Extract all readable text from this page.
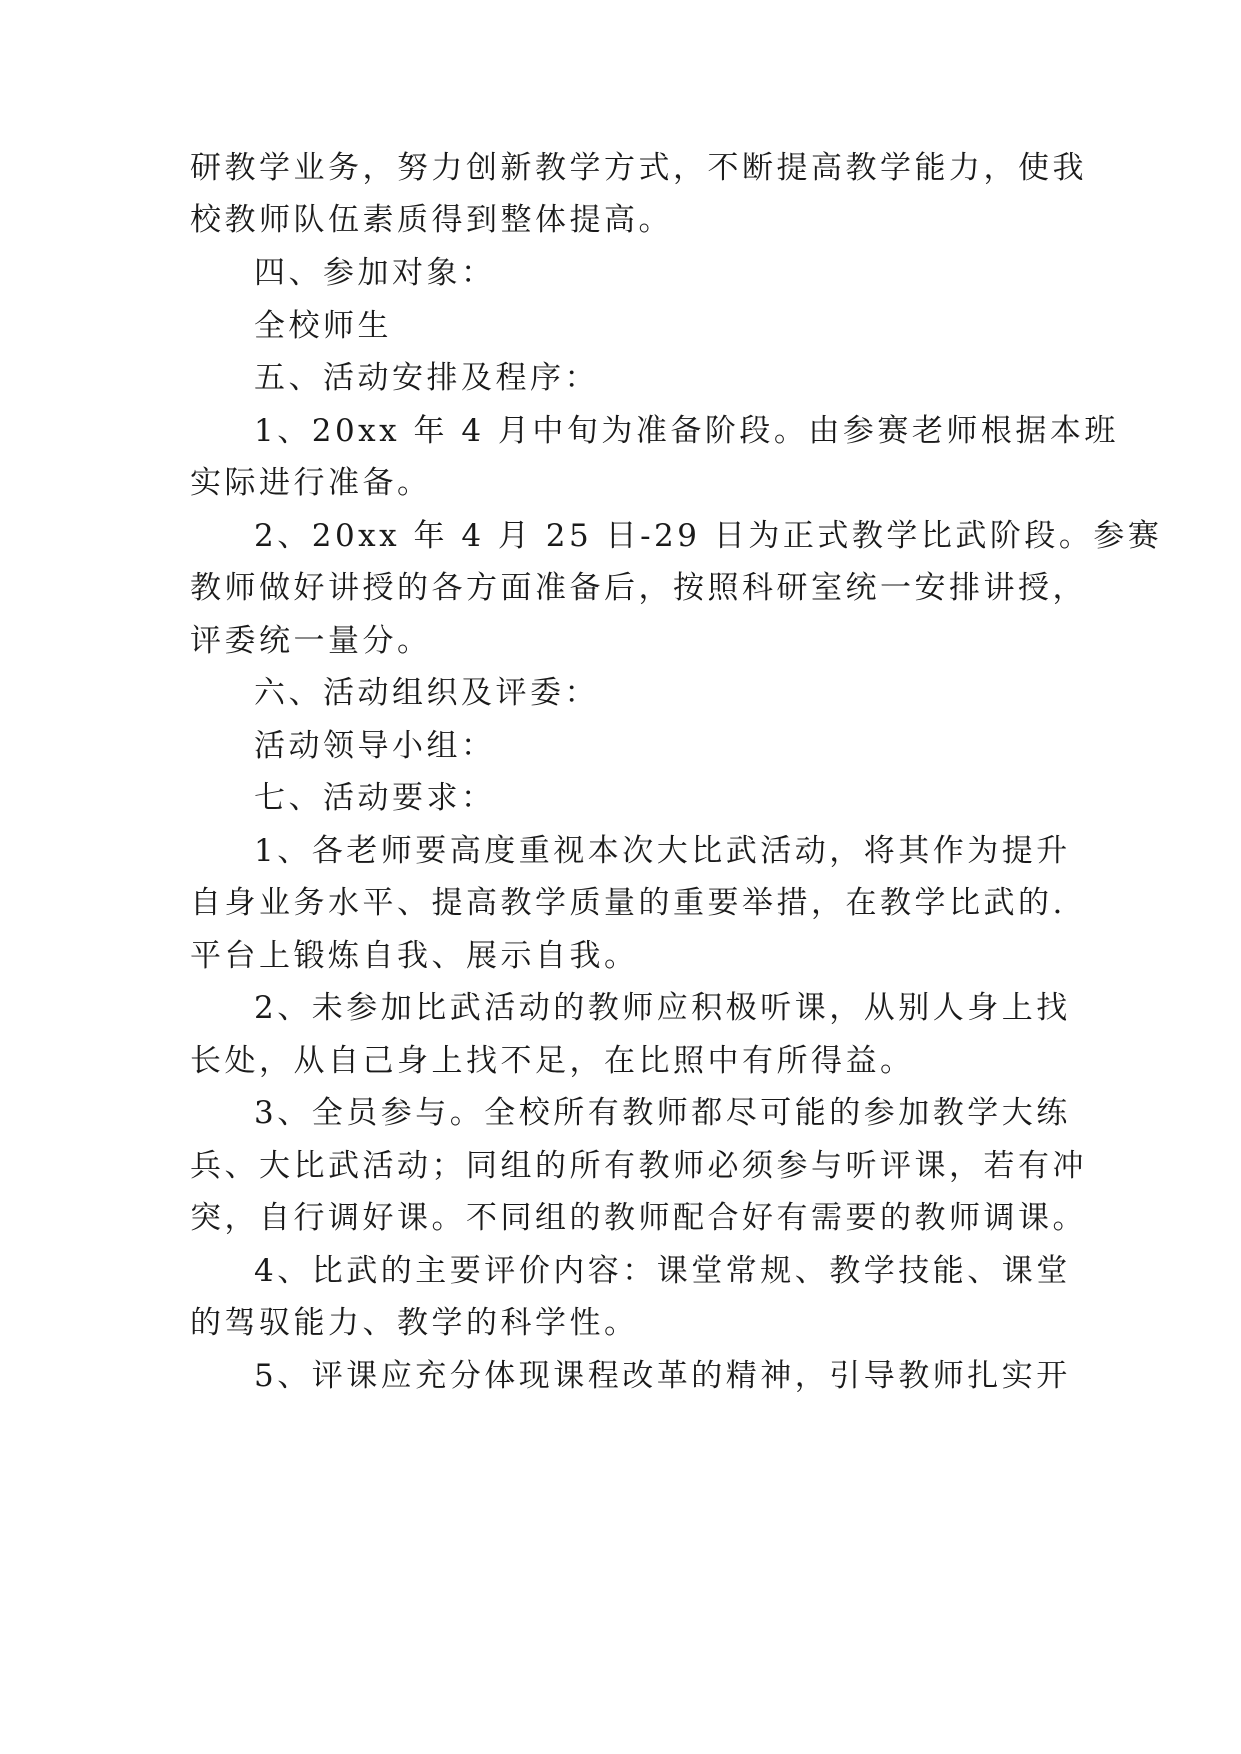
研教学业务，努力创新教学方式，不断提高教学能力，使我

校教师队伍素质得到整体提高。

四、参加对象：

全校师生

五、活动安排及程序：

1、20xx 年 4 月中旬为准备阶段。由参赛老师根据本班

实际进行准备。

2、20xx 年 4 月 25 日-29 日为正式教学比武阶段。参赛

教师做好讲授的各方面准备后，按照科研室统一安排讲授，

评委统一量分。

六、活动组织及评委：

活动领导小组：

七、活动要求：

1、各老师要高度重视本次大比武活动，将其作为提升

自身业务水平、提高教学质量的重要举措，在教学比武的.

平台上锻炼自我、展示自我。

2、未参加比武活动的教师应积极听课，从别人身上找

长处，从自己身上找不足，在比照中有所得益。

3、全员参与。全校所有教师都尽可能的参加教学大练

兵、大比武活动；同组的所有教师必须参与听评课，若有冲

突，自行调好课。不同组的教师配合好有需要的教师调课。

4、比武的主要评价内容：课堂常规、教学技能、课堂

的驾驭能力、教学的科学性。

5、评课应充分体现课程改革的精神，引导教师扎实开
